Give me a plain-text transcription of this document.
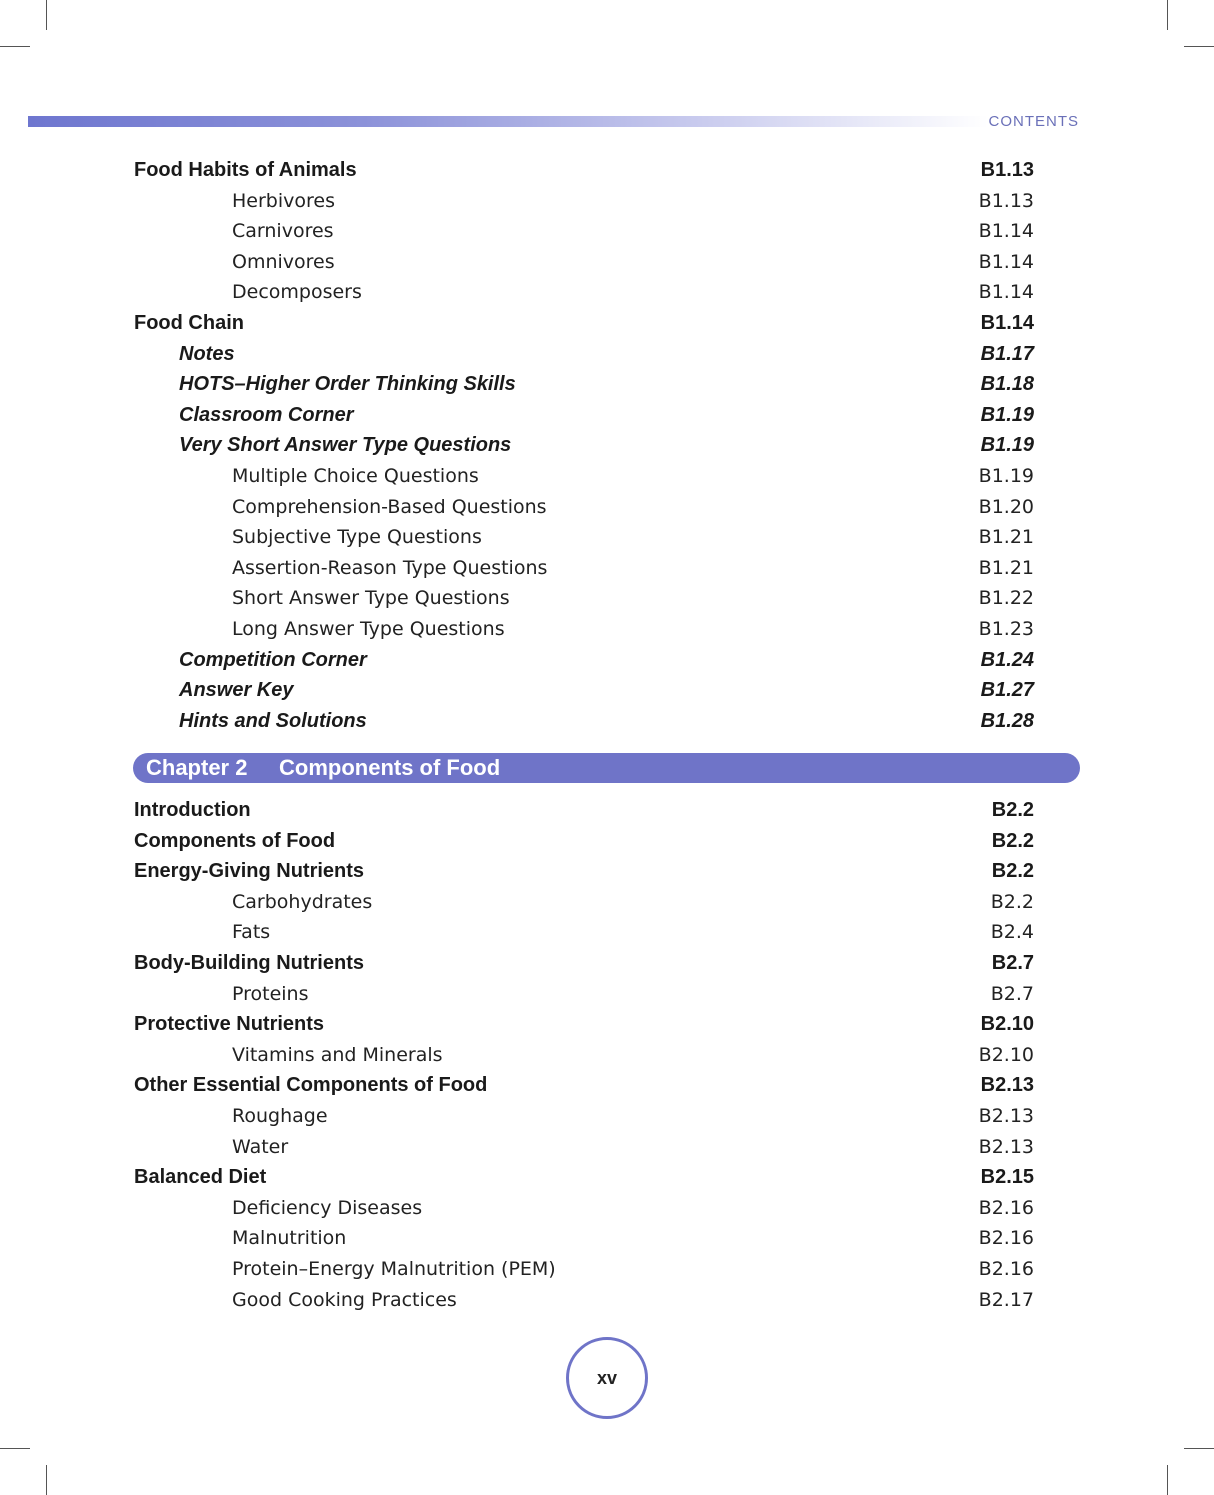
CONTENTS
Food Habits of Animals	B1.13
Herbivores	B1.13
Carnivores	B1.14
Omnivores	B1.14
Decomposers	B1.14
Food Chain	B1.14
Notes	B1.17
HOTS–Higher Order Thinking Skills	B1.18
Classroom Corner	B1.19
Very Short Answer Type Questions	B1.19
Multiple Choice Questions	B1.19
Comprehension-Based Questions	B1.20
Subjective Type Questions	B1.21
Assertion-Reason Type Questions	B1.21
Short Answer Type Questions	B1.22
Long Answer Type Questions	B1.23
Competition Corner	B1.24
Answer Key	B1.27
Hints and Solutions	B1.28
Chapter 2 Components of Food
Introduction	B2.2
Components of Food	B2.2
Energy-Giving Nutrients	B2.2
Carbohydrates	B2.2
Fats	B2.4
Body-Building Nutrients	B2.7
Proteins	B2.7
Protective Nutrients	B2.10
Vitamins and Minerals	B2.10
Other Essential Components of Food	B2.13
Roughage	B2.13
Water	B2.13
Balanced Diet	B2.15
Deficiency Diseases	B2.16
Malnutrition	B2.16
Protein–Energy Malnutrition (PEM)	B2.16
Good Cooking Practices	B2.17
xv
